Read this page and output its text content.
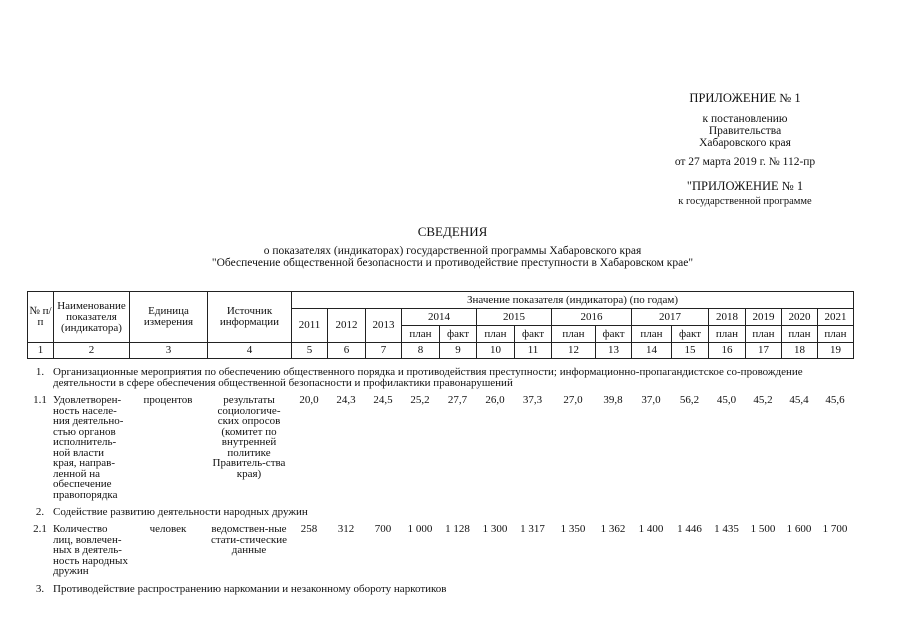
ПРИЛОЖЕНИЕ № 1
к постановлению
Правительства
Хабаровского края
от 27 марта 2019 г. № 112-пр
"ПРИЛОЖЕНИЕ № 1
к государственной программе
СВЕДЕНИЯ
о показателях (индикаторах) государственной программы Хабаровского края
"Обеспечение общественной безопасности и противодействие преступности в Хабаровском крае"
№ п/п	Наименование показателя (индикатора)	Единица измерения	Источник информации	Значение показателя (индикатора) (по годам)														
				2011	2012	2013	2014		2015		2016		2017		2018	2019	2020	2021
							план	факт	план	факт	план	факт	план	факт	план	план	план	план
1	2	3	4	5	6	7	8	9	10	11	12	13	14	15	16	17	18	19
1.	Организационные мероприятия по обеспечению общественного порядка и противодействия преступности; информационно-пропагандистское со-провождение деятельности в сфере обеспечения общественной безопасности и профилактики правонарушений																	
1.1	Удовлетворен-ность населе-ния деятельно-стью органов исполнитель-ной власти края, направ-ленной на обеспечение правопорядка	процентов	результаты социологиче-ских опросов (комитет по внутренней политике Правитель-ства края)	20,0	24,3	24,5	25,2	27,7	26,0	37,3	27,0	39,8	37,0	56,2	45,0	45,2	45,4	45,6
2.	Содействие развитию деятельности народных дружин																	
2.1	Количество лиц, вовлечен-ных в деятель-ность народных дружин	человек	ведомствен-ные стати-стические данные	258	312	700	1 000	1 128	1 300	1 317	1 350	1 362	1 400	1 446	1 435	1 500	1 600	1 700
3.	Противодействие распространению наркомании и незаконному обороту наркотиков																	
